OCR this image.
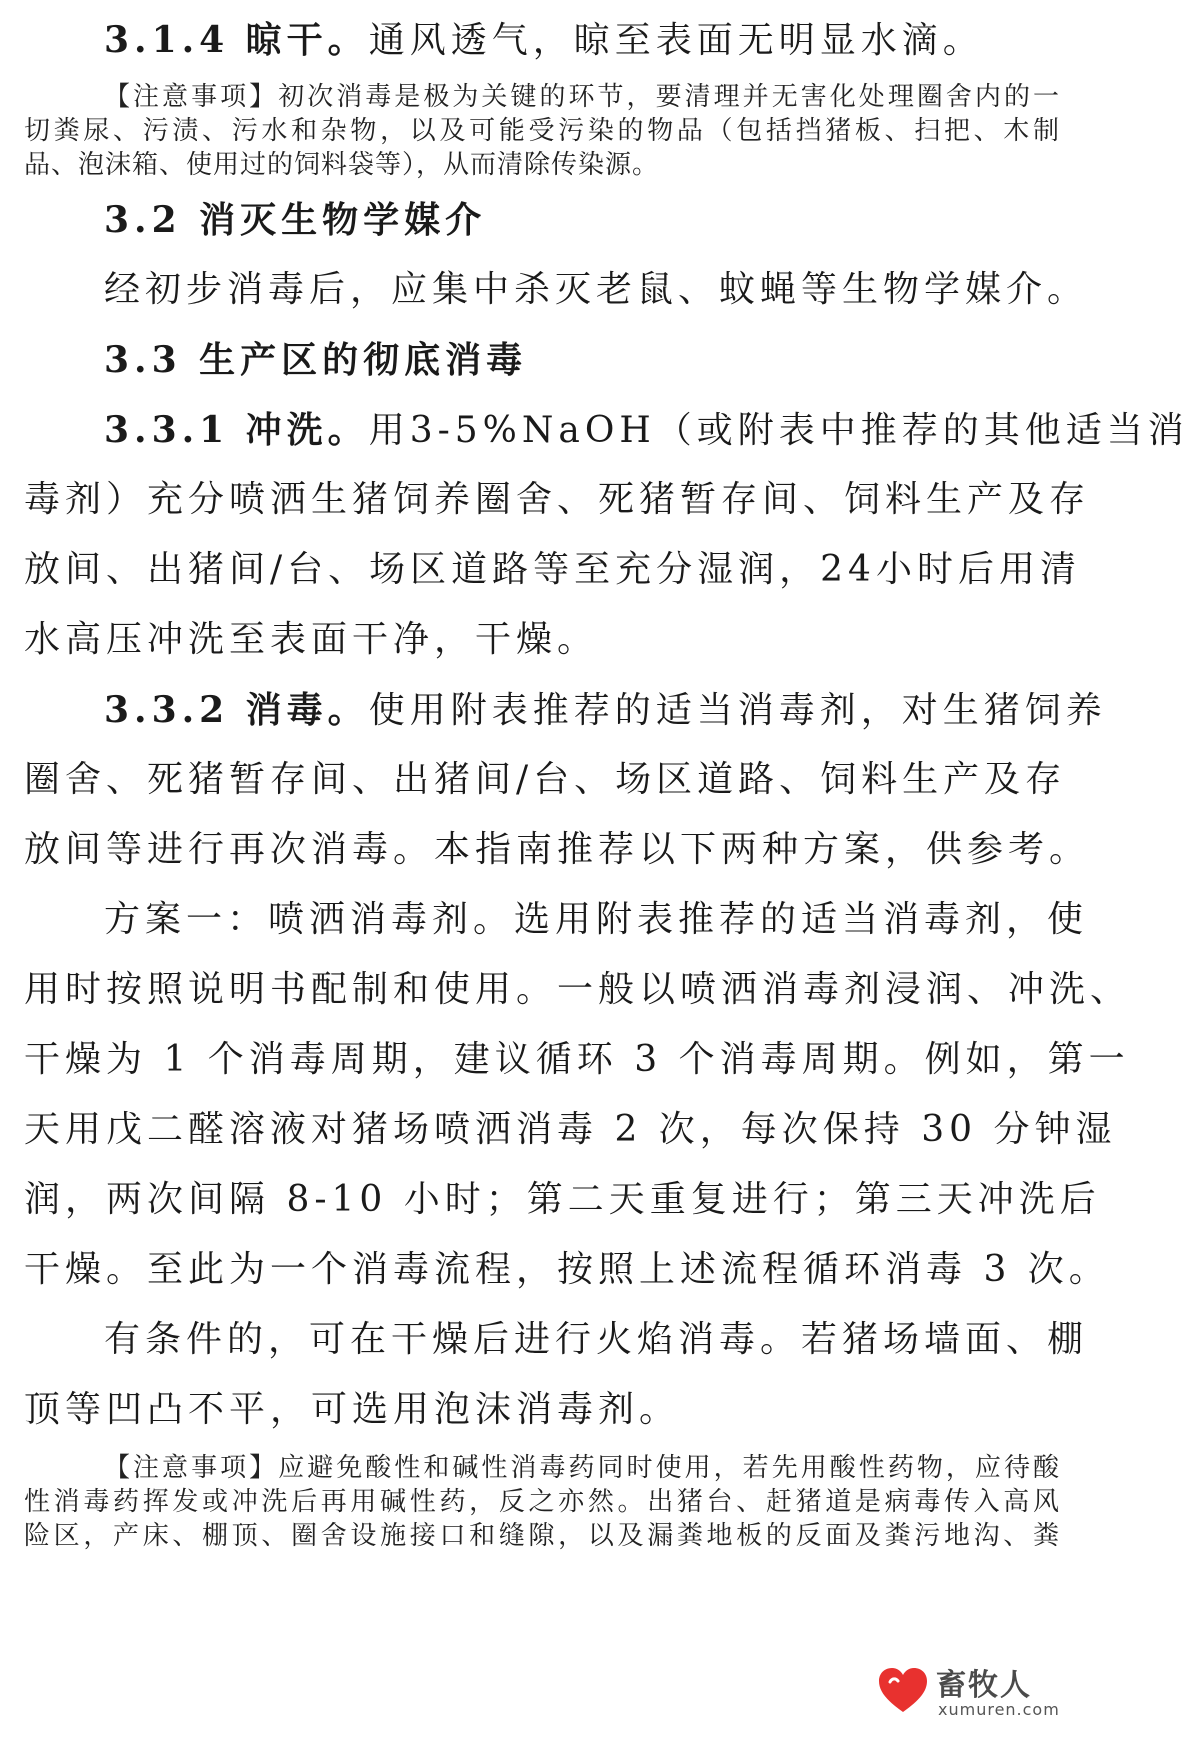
3.1.4 晾干。通风透气，晾至表面无明显水滴。
【注意事项】初次消毒是极为关键的环节，要清理并无害化处理圈舍内的一
切粪尿、污渍、污水和杂物，以及可能受污染的物品（包括挡猪板、扫把、木制
品、泡沫箱、使用过的饲料袋等），从而清除传染源。
3.2 消灭生物学媒介
经初步消毒后，应集中杀灭老鼠、蚊蝇等生物学媒介。
3.3 生产区的彻底消毒
3.3.1 冲洗。用3-5%NaOH（或附表中推荐的其他适当消
毒剂）充分喷洒生猪饲养圈舍、死猪暂存间、饲料生产及存
放间、出猪间/台、场区道路等至充分湿润，24小时后用清
水高压冲洗至表面干净，干燥。
3.3.2 消毒。使用附表推荐的适当消毒剂，对生猪饲养
圈舍、死猪暂存间、出猪间/台、场区道路、饲料生产及存
放间等进行再次消毒。本指南推荐以下两种方案，供参考。
方案一：喷洒消毒剂。选用附表推荐的适当消毒剂，使
用时按照说明书配制和使用。一般以喷洒消毒剂浸润、冲洗、
干燥为 1 个消毒周期，建议循环 3 个消毒周期。例如，第一
天用戊二醛溶液对猪场喷洒消毒 2 次，每次保持 30 分钟湿
润，两次间隔 8-10 小时；第二天重复进行；第三天冲洗后
干燥。至此为一个消毒流程，按照上述流程循环消毒 3 次。
有条件的，可在干燥后进行火焰消毒。若猪场墙面、棚
顶等凹凸不平，可选用泡沫消毒剂。
【注意事项】应避免酸性和碱性消毒药同时使用，若先用酸性药物，应待酸
性消毒药挥发或冲洗后再用碱性药，反之亦然。出猪台、赶猪道是病毒传入高风
险区，产床、棚顶、圈舍设施接口和缝隙，以及漏粪地板的反面及粪污地沟、粪
畜牧人
xumuren.com
